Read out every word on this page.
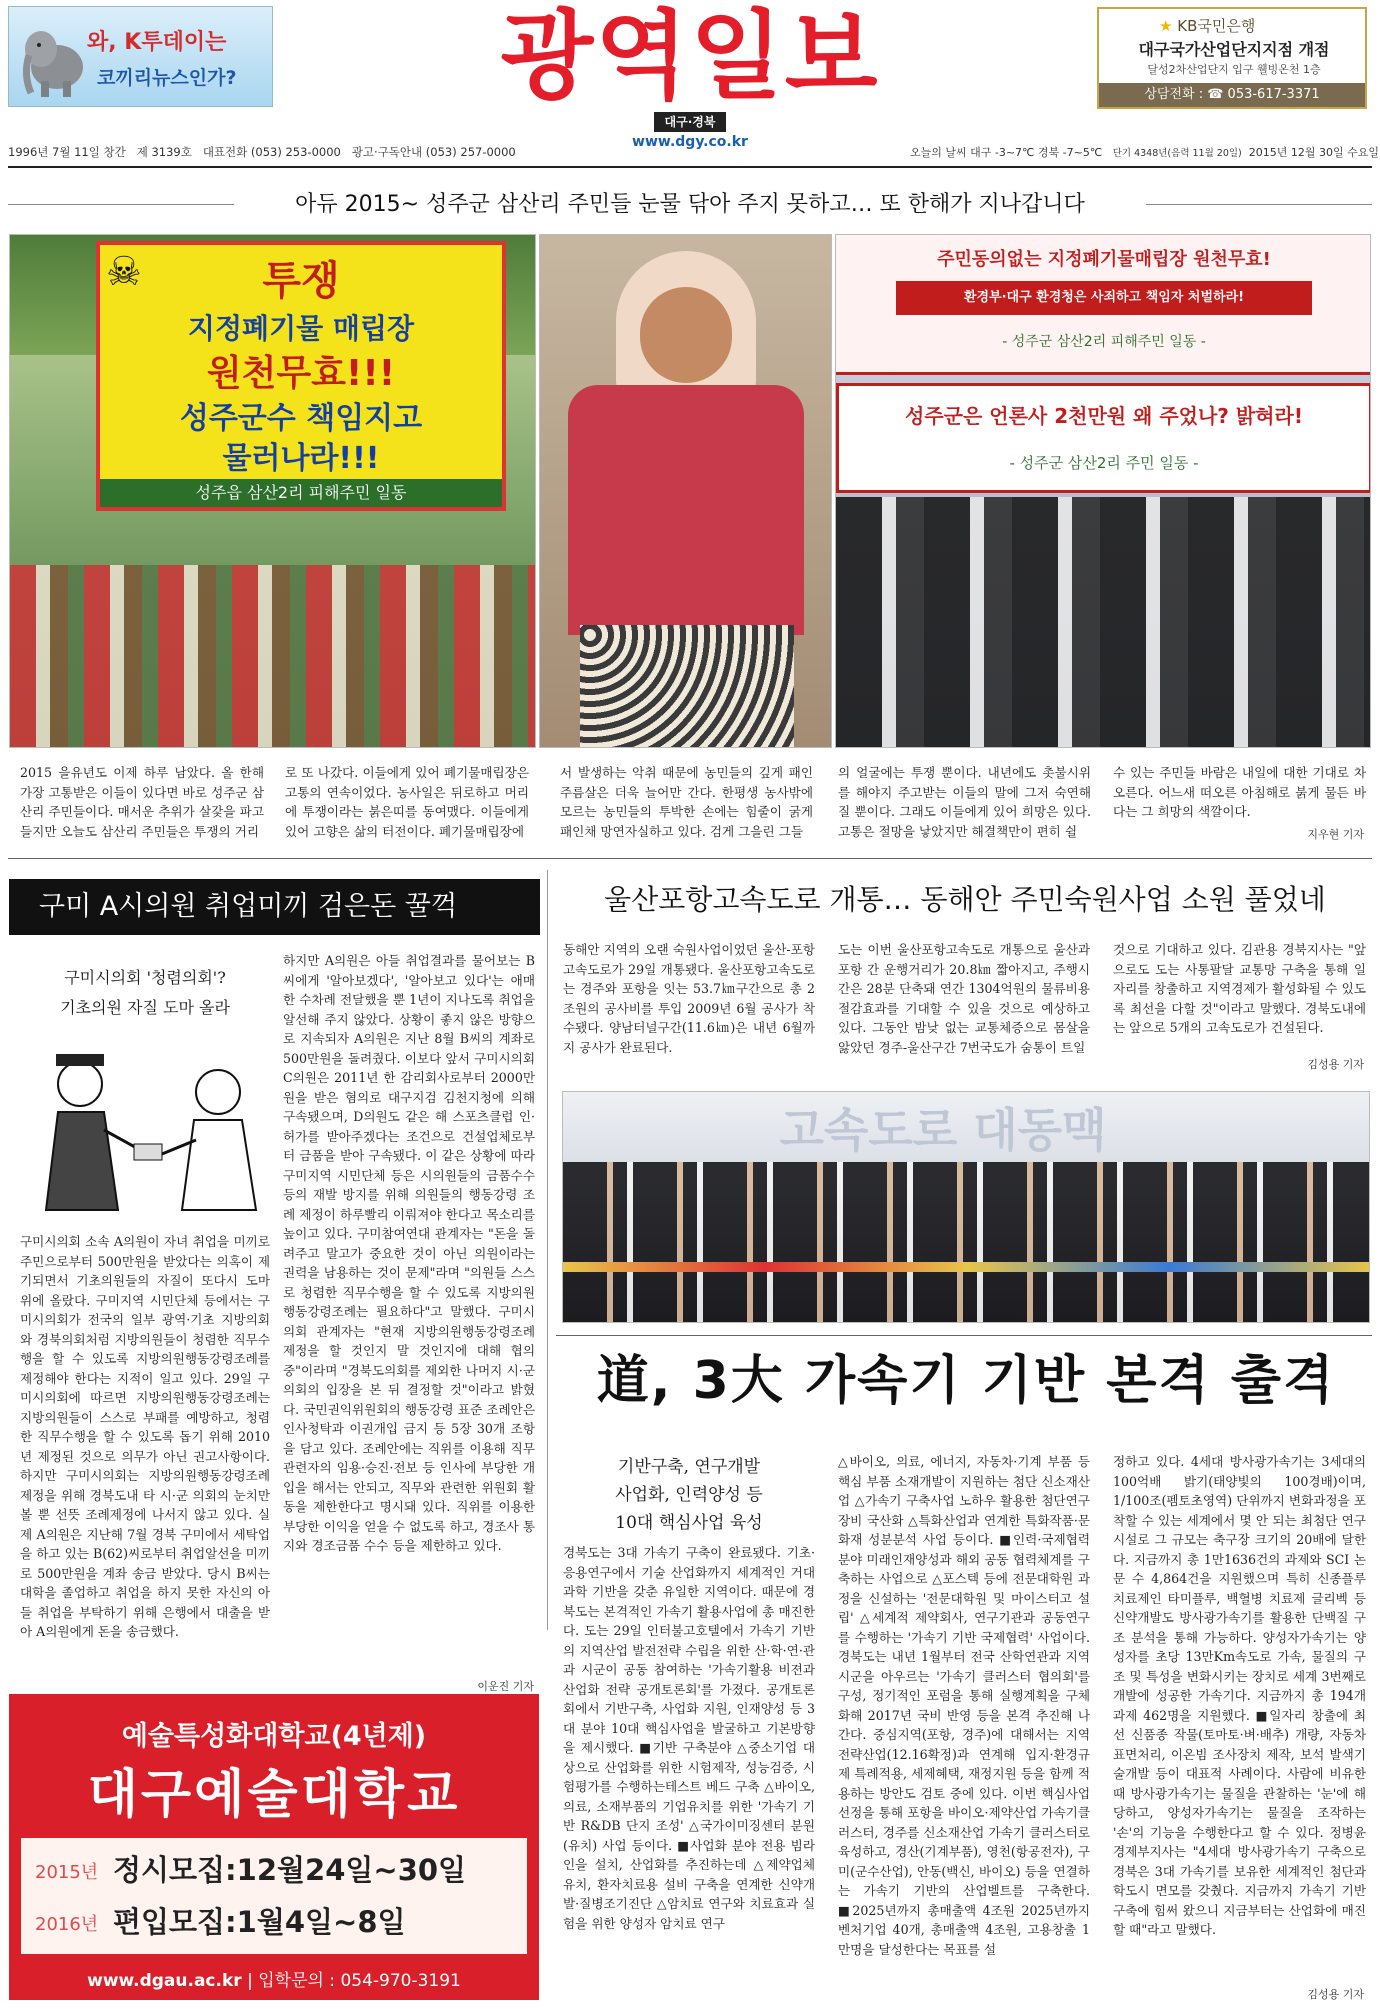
와, K투데이는
코끼리뉴스인가?	광역일보
대구·경북
www.dgy.co.kr
★ KB국민은행
대구국가산업단지지점 개점
달성2차산업단지 입구 웰빙온천 1층
상담전화 : ☎ 053-617-3371
1996년 7월 11일 창간 제 3139호 대표전화 (053) 253-0000 광고·구독안내 (053) 257-0000	오늘의 날씨 대구 -3~7℃ 경북 -7~5℃ 단기 4348년(음력 11월 20일) 2015년 12월 30일 수요일
아듀 2015~ 성주군 삼산리 주민들 눈물 닦아 주지 못하고… 또 한해가 지나갑니다
☠	투쟁
지정폐기물 매립장
원천무효!!!
성주군수 책임지고
물러나라!!!
성주읍 삼산2리 피해주민 일동
주민동의없는 지정폐기물매립장 원천무효!
환경부·대구 환경청은 사죄하고 책임자 처벌하라!
- 성주군 삼산2리 피해주민 일동 -
성주군은 언론사 2천만원 왜 주었나? 밝혀라!
- 성주군 삼산2리 주민 일동 -
2015 을유년도 이제 하루 남았다. 올 한해 가장 고통받은 이들이 있다면 바로 성주군 삼산리 주민들이다. 매서운 추위가 살갗을 파고들지만 오늘도 삼산리 주민들은 투쟁의 거리
로 또 나갔다. 이들에게 있어 폐기물매립장은 고통의 연속이었다. 농사일은 뒤로하고 머리에 투쟁이라는 붉은띠를 동여맸다. 이들에게 있어 고향은 삶의 터전이다. 폐기물매립장에
서 발생하는 악취 때문에 농민들의 깊게 패인 주름살은 더욱 늘어만 간다. 한평생 농사밖에 모르는 농민들의 투박한 손에는 힘줄이 굵게 패인채 망연자실하고 있다. 검게 그을린 그들
의 얼굴에는 투쟁 뿐이다. 내년에도 촛불시위를 해야지 주고받는 이들의 말에 그저 숙연해 질 뿐이다. 그래도 이들에게 있어 희망은 있다. 고통은 절망을 낳았지만 해결책만이 편히 쉴
수 있는 주민들 바람은 내일에 대한 기대로 차오른다. 어느새 떠오른 아침해로 붉게 물든 바다는 그 희망의 색깔이다.
지우현 기자
구미 A시의원 취업미끼 검은돈 꿀꺽
구미시의회 '청렴의회'?
기초의원 자질 도마 올라
구미시의회 소속 A의원이 자녀 취업을 미끼로 주민으로부터 500만원을 받았다는 의혹이 제기되면서 기초의원들의 자질이 또다시 도마 위에 올랐다. 구미지역 시민단체 등에서는 구미시의회가 전국의 일부 광역·기초 지방의회와 경북의회처럼 지방의원들이 청렴한 직무수행을 할 수 있도록 지방의원행동강령조례를 제정해야 한다는 지적이 일고 있다. 29일 구미시의회에 따르면 지방의원행동강령조례는 지방의원들이 스스로 부패를 예방하고, 청렴한 직무수행을 할 수 있도록 돕기 위해 2010년 제정된 것으로 의무가 아닌 권고사항이다. 하지만 구미시의회는 지방의원행동강령조례 제정을 위해 경북도내 타 시·군 의회의 눈치만 볼 뿐 선뜻 조례제정에 나서지 않고 있다. 실제 A의원은 지난해 7월 경북 구미에서 세탁업을 하고 있는 B(62)씨로부터 취업알선을 미끼로 500만원을 계좌 송금 받았다. 당시 B씨는 대학을 졸업하고 취업을 하지 못한 자신의 아들 취업을 부탁하기 위해 은행에서 대출을 받아 A의원에게 돈을 송금했다.
하지만 A의원은 아들 취업결과를 물어보는 B씨에게 '알아보겠다', '알아보고 있다'는 애매한 수차례 전달했을 뿐 1년이 지나도록 취업을 알선해 주지 않았다. 상황이 좋지 않은 방향으로 지속되자 A의원은 지난 8월 B씨의 계좌로 500만원을 돌려줬다. 이보다 앞서 구미시의회 C의원은 2011년 한 감리회사로부터 2000만원을 받은 혐의로 대구지검 김천지청에 의해 구속됐으며, D의원도 같은 해 스포츠클럽 인·허가를 받아주겠다는 조건으로 건설업체로부터 금품을 받아 구속됐다. 이 같은 상황에 따라 구미지역 시민단체 등은 시의원들의 금품수수 등의 재발 방지를 위해 의원들의 행동강령 조례 제정이 하루빨리 이뤄져야 한다고 목소리를 높이고 있다. 구미참여연대 관계자는 "돈을 돌려주고 말고가 중요한 것이 아닌 의원이라는 권력을 남용하는 것이 문제"라며 "의원들 스스로 청렴한 직무수행을 할 수 있도록 지방의원행동강령조례는 필요하다"고 말했다. 구미시의회 관계자는 "현재 지방의원행동강령조례 제정을 할 것인지 말 것인지에 대해 협의 중"이라며 "경북도의회를 제외한 나머지 시·군 의회의 입장을 본 뒤 결정할 것"이라고 밝혔다. 국민권익위원회의 행동강령 표준 조례안은 인사청탁과 이권개입 금지 등 5장 30개 조항을 담고 있다. 조례안에는 직위를 이용해 직무 관련자의 임용·승진·전보 등 인사에 부당한 개입을 해서는 안되고, 직무와 관련한 위원회 활동을 제한한다고 명시돼 있다. 직위를 이용한 부당한 이익을 얻을 수 없도록 하고, 경조사 통지와 경조금품 수수 등을 제한하고 있다.
이운진 기자
울산포항고속도로 개통… 동해안 주민숙원사업 소원 풀었네
동해안 지역의 오랜 숙원사업이었던 울산-포항고속도로가 29일 개통됐다. 울산포항고속도로는 경주와 포항을 잇는 53.7㎞구간으로 총 2조원의 공사비를 투입 2009년 6월 공사가 착수됐다. 양남터널구간(11.6㎞)은 내년 6월까지 공사가 완료된다.
도는 이번 울산포항고속도로 개통으로 울산과 포항 간 운행거리가 20.8㎞ 짧아지고, 주행시간은 28분 단축돼 연간 1304억원의 물류비용 절감효과를 기대할 수 있을 것으로 예상하고 있다. 그동안 밤낮 없는 교통체증으로 몸살을 앓았던 경주-울산구간 7번국도가 숨통이 트일
것으로 기대하고 있다. 김관용 경북지사는 "앞으로도 도는 사통팔달 교통망 구축을 통해 일자리를 창출하고 지역경제가 활성화될 수 있도록 최선을 다할 것"이라고 말했다. 경북도내에는 앞으로 5개의 고속도로가 건설된다.
김성용 기자
고속도로 대동맥
道, 3大 가속기 기반 본격 출격
기반구축, 연구개발
사업화, 인력양성 등
10대 핵심사업 육성
경북도는 3대 가속기 구축이 완료됐다. 기초·응용연구에서 기술 산업화까지 세계적인 거대과학 기반을 갖춘 유일한 지역이다. 때문에 경북도는 본격적인 가속기 활용사업에 총 매진한다. 도는 29일 인터불고호텔에서 가속기 기반의 지역산업 발전전략 수립을 위한 산·학·연·관과 시군이 공동 참여하는 '가속기활용 비젼과 산업화 전략 공개토론회'를 가졌다. 공개토론회에서 기반구축, 사업화 지원, 인재양성 등 3대 분야 10대 핵심사업을 발굴하고 기본방향을 제시했다. ■기반 구축분야 △중소기업 대상으로 산업화를 위한 시험제작, 성능검증, 시험평가를 수행하는테스트 베드 구축 △바이오, 의료, 소재부품의 기업유치를 위한 '가속기 기반 R&DB 단지 조성' △국가이미징센터 분원(유치) 사업 등이다. ■사업화 분야 전용 빔라인을 설치, 산업화를 추진하는데 △제약업체 유치, 환자치료용 설비 구축을 연계한 신약개발·질병조기진단 △암치료 연구와 치료효과 실험을 위한 양성자 암치료 연구
△바이오, 의료, 에너지, 자동차·기계 부품 등 핵심 부품 소재개발이 지원하는 첨단 신소재산업 △가속기 구축사업 노하우 활용한 첨단연구장비 국산화 △특화산업과 연계한 특화작품·문화재 성분분석 사업 등이다. ■인력·국제협력 분야 미래인재양성과 해외 공동 협력체계를 구축하는 사업으로 △포스텍 등에 전문대학원 과정을 신설하는 '전문대학원 및 마이스터고 설립' △세계적 제약회사, 연구기관과 공동연구를 수행하는 '가속기 기반 국제협력' 사업이다. 경북도는 내년 1월부터 전국 산학연관과 지역 시군을 아우르는 '가속기 클러스터 협의회'를 구성, 정기적인 포럼을 통해 실행계획을 구체화해 2017년 국비 반영 등을 본격 추진해 나간다. 중심지역(포항, 경주)에 대해서는 지역전략산업(12.16확정)과 연계해 입지·환경규제 특례적용, 세제혜택, 재정지원 등을 함께 적용하는 방안도 검토 중에 있다. 이번 핵심사업 선정을 통해 포항을 바이오·제약산업 가속기클러스터, 경주를 신소재산업 가속기 클러스터로 육성하고, 경산(기계부품), 영천(항공전자), 구미(군수산업), 안동(백신, 바이오) 등을 연결하는 가속기 기반의 산업벨트를 구축한다. ■2025년까지 총매출액 4조원 2025년까지 벤처기업 40개, 총매출액 4조원, 고용창출 1만명을 달성한다는 목표를 설
정하고 있다. 4세대 방사광가속기는 3세대의 100억배 밝기(태양빛의 100경배)이며, 1/100조(펨토초영역) 단위까지 변화과정을 포착할 수 있는 세계에서 몇 안 되는 최첨단 연구시설로 그 규모는 축구장 크기의 20배에 달한다. 지금까지 총 1만1636건의 과제와 SCI 논문 수 4,864건을 지원했으며 특히 신종플루 치료제인 타미플루, 백혈병 치료제 글리벡 등 신약개발도 방사광가속기를 활용한 단백질 구조 분석을 통해 가능하다. 양성자가속기는 양성자를 초당 13만Km속도로 가속, 물질의 구조 및 특성을 변화시키는 장치로 세계 3번째로 개발에 성공한 가속기다. 지금까지 총 194개 과제 462명을 지원했다. ■일자리 창출에 최선 신품종 작물(토마토·벼·배추) 개량, 자동차 표면처리, 이온빔 조사장치 제작, 보석 발색기술개발 등이 대표적 사례이다. 사람에 비유한 때 방사광가속기는 물질을 관찰하는 '눈'에 해당하고, 양성자가속기는 물질을 조작하는 '손'의 기능을 수행한다고 할 수 있다. 정병윤 경제부지사는 "4세대 방사광가속기 구축으로 경북은 3대 가속기를 보유한 세계적인 첨단과학도시 면모를 갖췄다. 지금까지 가속기 기반 구축에 힘써 왔으니 지금부터는 산업화에 매진할 때"라고 말했다.
김성용 기자
예술특성화대학교(4년제)
대구예술대학교
2015년 정시모집:12월24일~30일
2016년 편입모집:1월4일~8일
www.dgau.ac.kr | 입학문의 : 054-970-3191
